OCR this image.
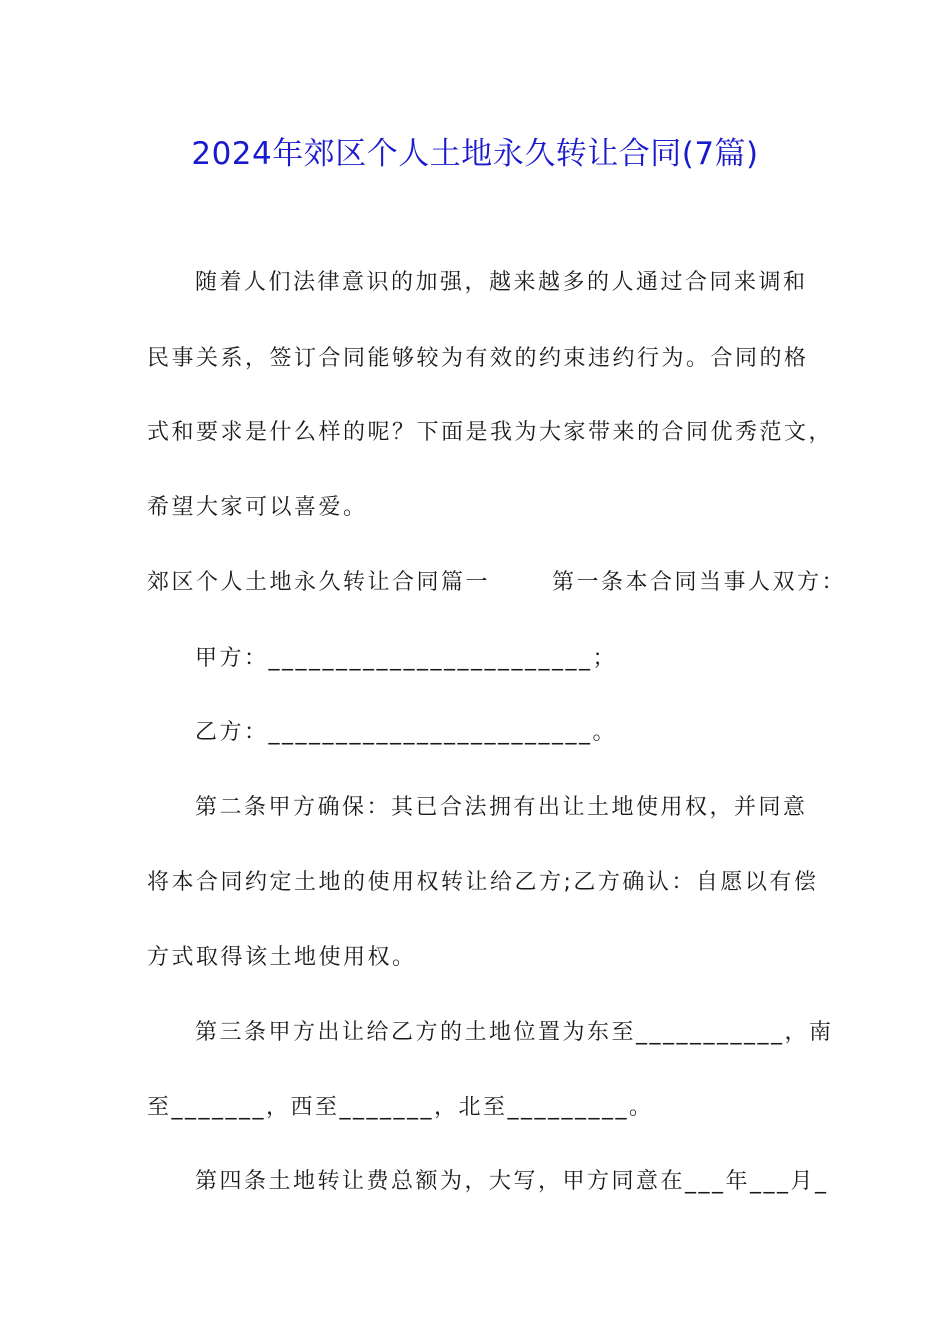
2024年郊区个人土地永久转让合同(7篇)
随着人们法律意识的加强，越来越多的人通过合同来调和
民事关系，签订合同能够较为有效的约束违约行为。合同的格
式和要求是什么样的呢？下面是我为大家带来的合同优秀范文，
希望大家可以喜爱。
郊区个人土地永久转让合同篇一	第一条本合同当事人双方：
甲方：________________________；
乙方：________________________。
第二条甲方确保：其已合法拥有出让土地使用权，并同意
将本合同约定土地的使用权转让给乙方;乙方确认：自愿以有偿
方式取得该土地使用权。
第三条甲方出让给乙方的土地位置为东至___________，南
至_______，西至_______，北至_________。
第四条土地转让费总额为，大写，甲方同意在___年___月_
